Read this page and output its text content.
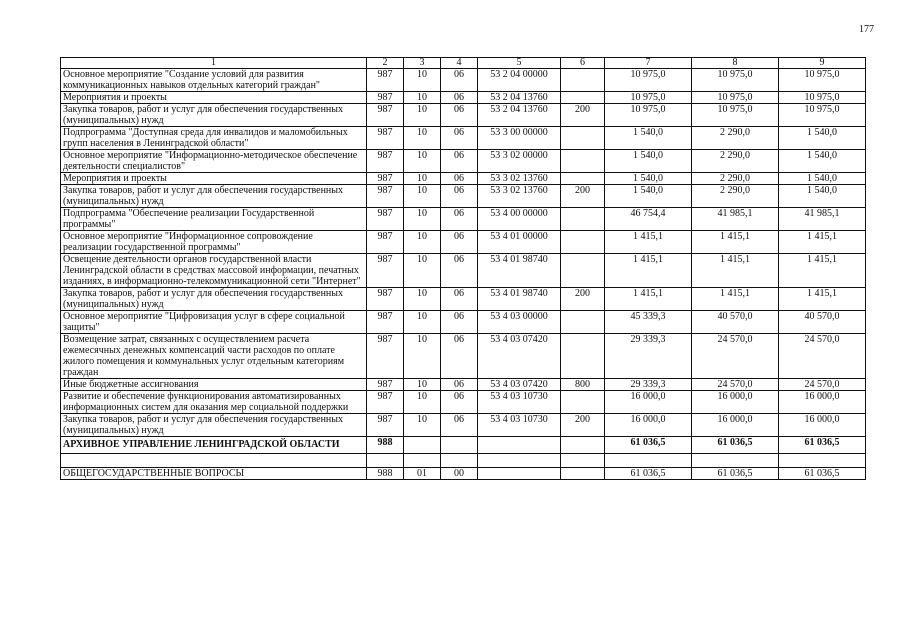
177
1	2	3	4	5	6	7	8	9
Основное мероприятие "Создание условий для развития коммуникационных навыков отдельных категорий граждан"	987	10	06	53 2 04 00000		10 975,0	10 975,0	10 975,0
Мероприятия и проекты	987	10	06	53 2 04 13760		10 975,0	10 975,0	10 975,0
Закупка товаров, работ и услуг для обеспечения государственных (муниципальных) нужд	987	10	06	53 2 04 13760	200	10 975,0	10 975,0	10 975,0
Подпрограмма "Доступная среда для инвалидов и маломобильных групп населения в Ленинградской области"	987	10	06	53 3 00 00000		1 540,0	2 290,0	1 540,0
Основное мероприятие "Информационно-методическое обеспечение деятельности специалистов"	987	10	06	53 3 02 00000		1 540,0	2 290,0	1 540,0
Мероприятия и проекты	987	10	06	53 3 02 13760		1 540,0	2 290,0	1 540,0
Закупка товаров, работ и услуг для обеспечения государственных (муниципальных) нужд	987	10	06	53 3 02 13760	200	1 540,0	2 290,0	1 540,0
Подпрограмма "Обеспечение реализации Государственной программы"	987	10	06	53 4 00 00000		46 754,4	41 985,1	41 985,1
Основное мероприятие "Информационное сопровождение реализации государственной программы"	987	10	06	53 4 01 00000		1 415,1	1 415,1	1 415,1
Освещение деятельности органов государственной власти Ленинградской области в средствах массовой информации, печатных изданиях, в информационно-телекоммуникационной сети "Интернет"	987	10	06	53 4 01 98740		1 415,1	1 415,1	1 415,1
Закупка товаров, работ и услуг для обеспечения государственных (муниципальных) нужд	987	10	06	53 4 01 98740	200	1 415,1	1 415,1	1 415,1
Основное мероприятие "Цифровизация услуг в сфере социальной защиты"	987	10	06	53 4 03 00000		45 339,3	40 570,0	40 570,0
Возмещение затрат, связанных с осуществлением расчета ежемесячных денежных компенсаций части расходов по оплате жилого помещения и коммунальных услуг отдельным категориям граждан	987	10	06	53 4 03 07420		29 339,3	24 570,0	24 570,0
Иные бюджетные ассигнования	987	10	06	53 4 03 07420	800	29 339,3	24 570,0	24 570,0
Развитие и обеспечение функционирования автоматизированных информационных систем для оказания мер социальной поддержки	987	10	06	53 4 03 10730		16 000,0	16 000,0	16 000,0
Закупка товаров, работ и услуг для обеспечения государственных (муниципальных) нужд	987	10	06	53 4 03 10730	200	16 000,0	16 000,0	16 000,0
АРХИВНОЕ УПРАВЛЕНИЕ ЛЕНИНГРАДСКОЙ ОБЛАСТИ	988					61 036,5	61 036,5	61 036,5

ОБЩЕГОСУДАРСТВЕННЫЕ ВОПРОСЫ	988	01	00			61 036,5	61 036,5	61 036,5
